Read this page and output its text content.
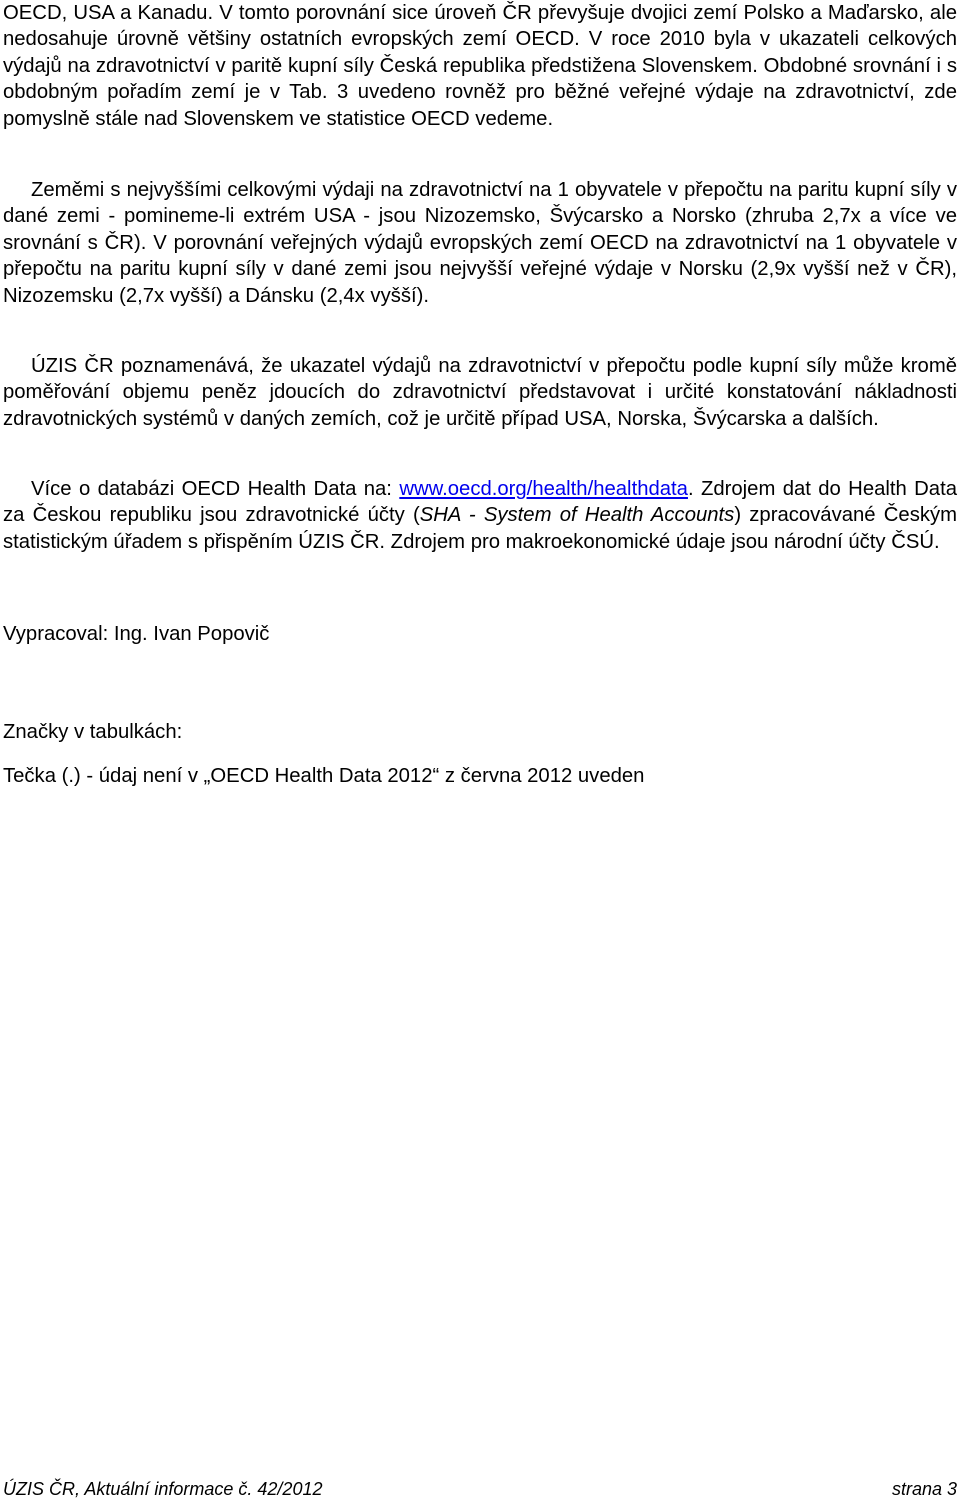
OECD, USA a Kanadu. V tomto porovnání sice úroveň ČR převyšuje dvojici zemí Polsko a Maďarsko, ale nedosahuje úrovně většiny ostatních evropských zemí OECD. V roce 2010 byla v ukazateli celkových výdajů na zdravotnictví v paritě kupní síly Česká republika předstižena Slovenskem. Obdobné srovnání i s obdobným pořadím zemí je v Tab. 3 uvedeno rovněž pro běžné veřejné výdaje na zdravotnictví, zde pomyslně stále nad Slovenskem ve statistice OECD vedeme.

Zeměmi s nejvyššími celkovými výdaji na zdravotnictví na 1 obyvatele v přepočtu na paritu kupní síly v dané zemi - pomineme-li extrém USA - jsou Nizozemsko, Švýcarsko a Norsko (zhruba 2,7x a více ve srovnání s ČR). V porovnání veřejných výdajů evropských zemí OECD na zdravotnictví na 1 obyvatele v přepočtu na paritu kupní síly v dané zemi jsou nejvyšší veřejné výdaje v Norsku (2,9x vyšší než v ČR), Nizozemsku (2,7x vyšší) a Dánsku (2,4x vyšší).

ÚZIS ČR poznamenává, že ukazatel výdajů na zdravotnictví v přepočtu podle kupní síly může kromě poměřování objemu peněz jdoucích do zdravotnictví představovat i určité konstatování nákladnosti zdravotnických systémů v daných zemích, což je určitě případ USA, Norska, Švýcarska a dalších.

Více o databázi OECD Health Data na: www.oecd.org/health/healthdata. Zdrojem dat do Health Data za Českou republiku jsou zdravotnické účty (SHA - System of Health Accounts) zpracovávané Českým statistickým úřadem s přispěním ÚZIS ČR. Zdrojem pro makroekonomické údaje jsou národní účty ČSÚ.

Vypracoval: Ing. Ivan Popovič

Značky v tabulkách:

Tečka (.) - údaj není v „OECD Health Data 2012“ z června 2012 uveden

ÚZIS ČR, Aktuální informace č. 42/2012	strana 3
